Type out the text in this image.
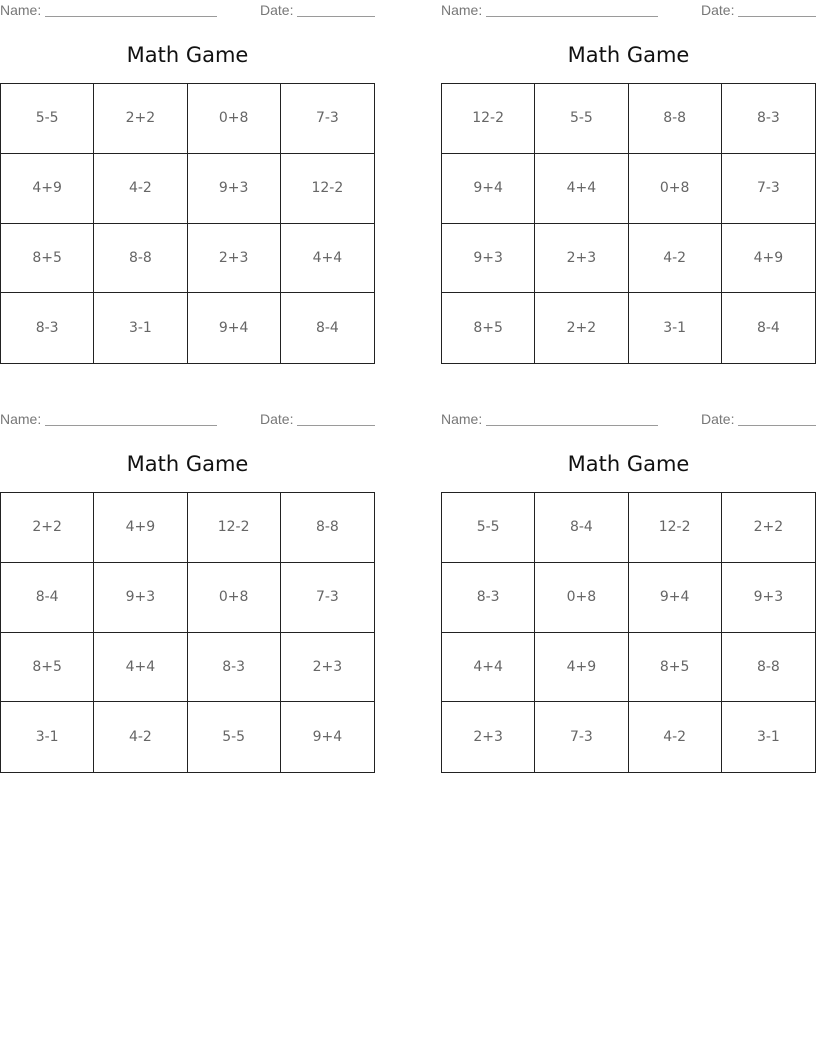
Name:	Date:
Math Game
5-5	2+2	0+8	7-3
4+9	4-2	9+3	12-2
8+5	8-8	2+3	4+4
8-3	3-1	9+4	8-4
Name:	Date:
Math Game
12-2	5-5	8-8	8-3
9+4	4+4	0+8	7-3
9+3	2+3	4-2	4+9
8+5	2+2	3-1	8-4
Name:	Date:
Math Game
2+2	4+9	12-2	8-8
8-4	9+3	0+8	7-3
8+5	4+4	8-3	2+3
3-1	4-2	5-5	9+4
Name:	Date:
Math Game
5-5	8-4	12-2	2+2
8-3	0+8	9+4	9+3
4+4	4+9	8+5	8-8
2+3	7-3	4-2	3-1
